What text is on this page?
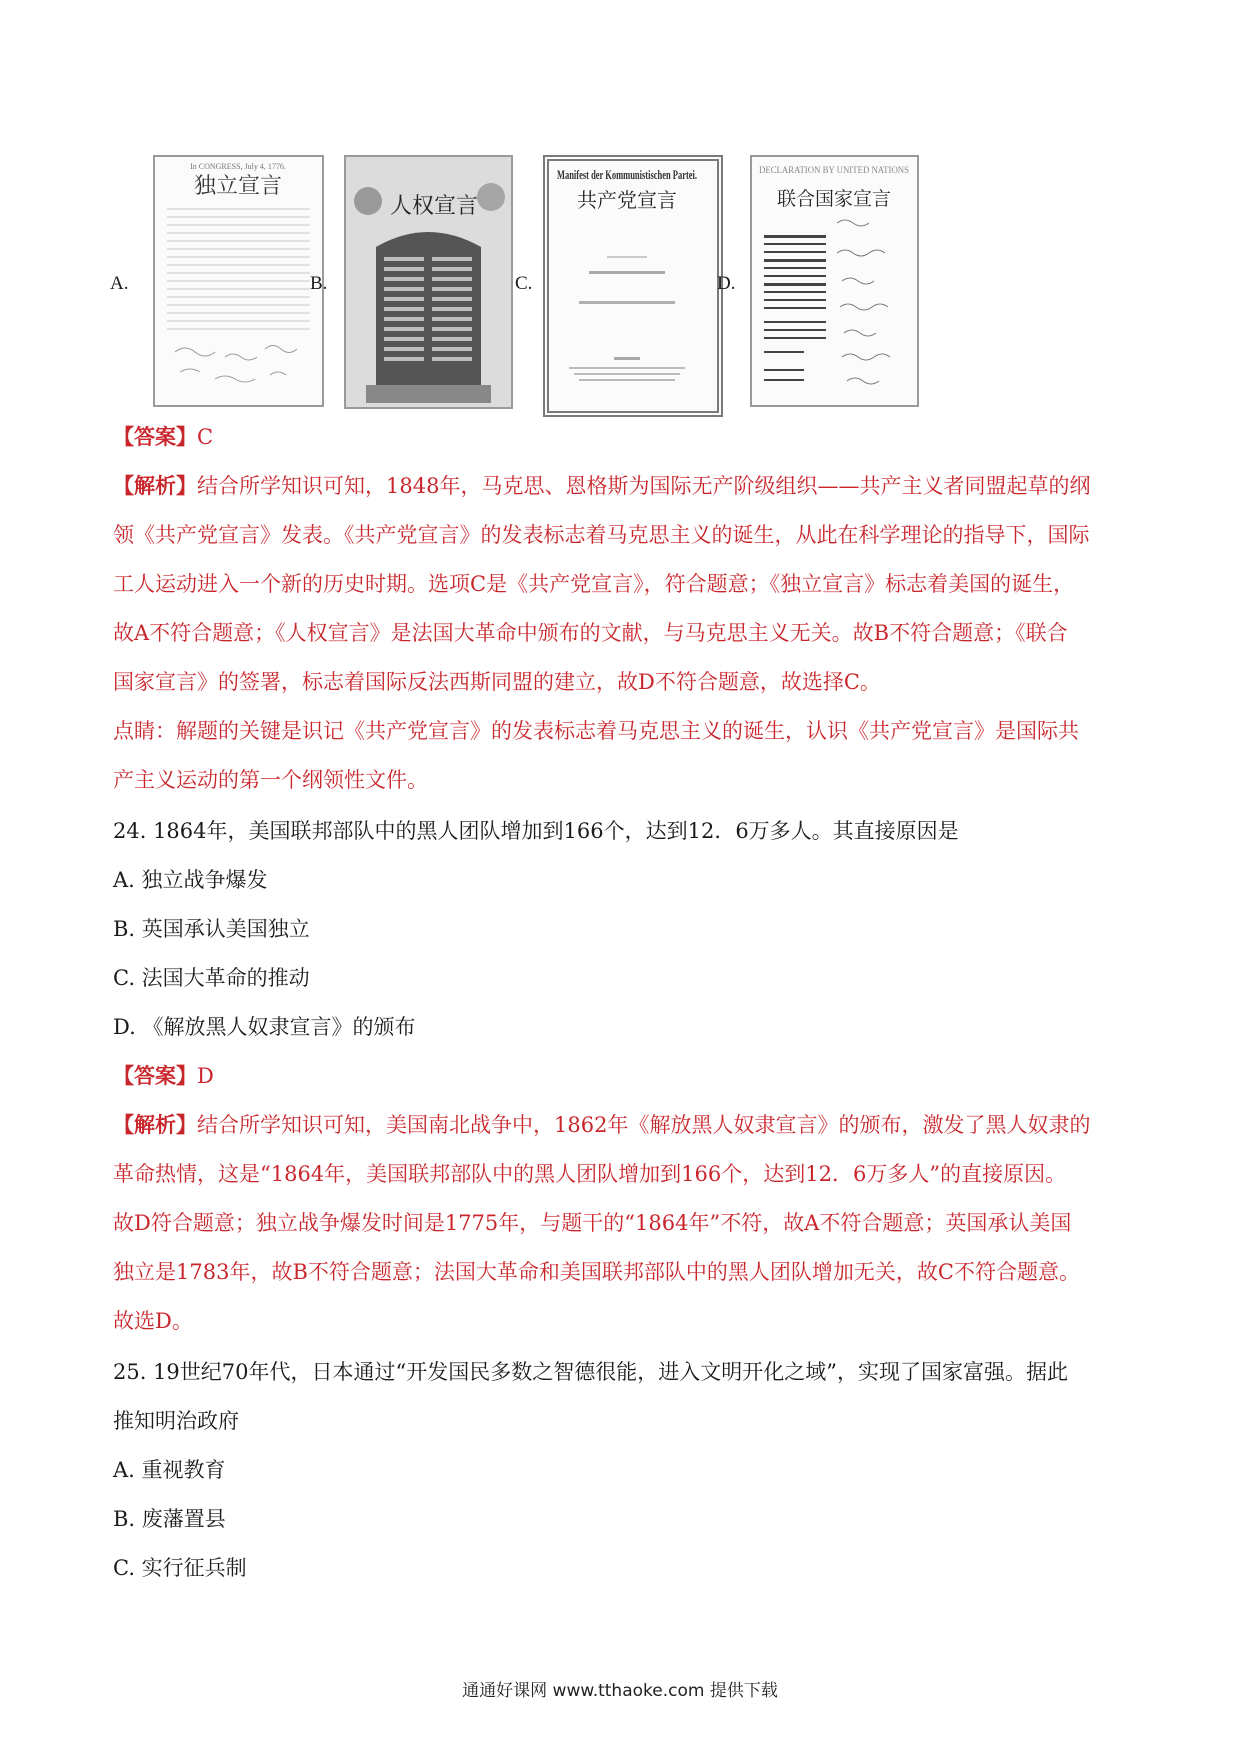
A.
In CONGRESS, July 4, 1776.
独立宣言
B.
人权宣言
C.
Manifest der Kommunistischen Partei.
共产党宣言
D.
DECLARATION BY UNITED NATIONS
联合国家宣言
【答案】C
【解析】结合所学知识可知，1848年，马克思、恩格斯为国际无产阶级组织——共产主义者同盟起草的纲
领《共产党宣言》发表。《共产党宣言》的发表标志着马克思主义的诞生，从此在科学理论的指导下，国际
工人运动进入一个新的历史时期。选项C是《共产党宣言》，符合题意；《独立宣言》标志着美国的诞生，
故A不符合题意；《人权宣言》是法国大革命中颁布的文献，与马克思主义无关。故B不符合题意；《联合
国家宣言》的签署，标志着国际反法西斯同盟的建立，故D不符合题意，故选择C。
点睛：解题的关键是识记《共产党宣言》的发表标志着马克思主义的诞生，认识《共产党宣言》是国际共
产主义运动的第一个纲领性文件。
24. 1864年，美国联邦部队中的黑人团队增加到166个，达到12．6万多人。其直接原因是
A. 独立战争爆发
B. 英国承认美国独立
C. 法国大革命的推动
D. 《解放黑人奴隶宣言》的颁布
【答案】D
【解析】结合所学知识可知，美国南北战争中，1862年《解放黑人奴隶宣言》的颁布，激发了黑人奴隶的
革命热情，这是“1864年，美国联邦部队中的黑人团队增加到166个，达到12．6万多人”的直接原因。
故D符合题意；独立战争爆发时间是1775年，与题干的“1864年”不符，故A不符合题意；英国承认美国
独立是1783年，故B不符合题意；法国大革命和美国联邦部队中的黑人团队增加无关，故C不符合题意。
故选D。
25. 19世纪70年代，日本通过“开发国民多数之智德很能，进入文明开化之域”，实现了国家富强。据此
推知明治政府
A. 重视教育
B. 废藩置县
C. 实行征兵制
通通好课网 www.tthaoke.com 提供下载
